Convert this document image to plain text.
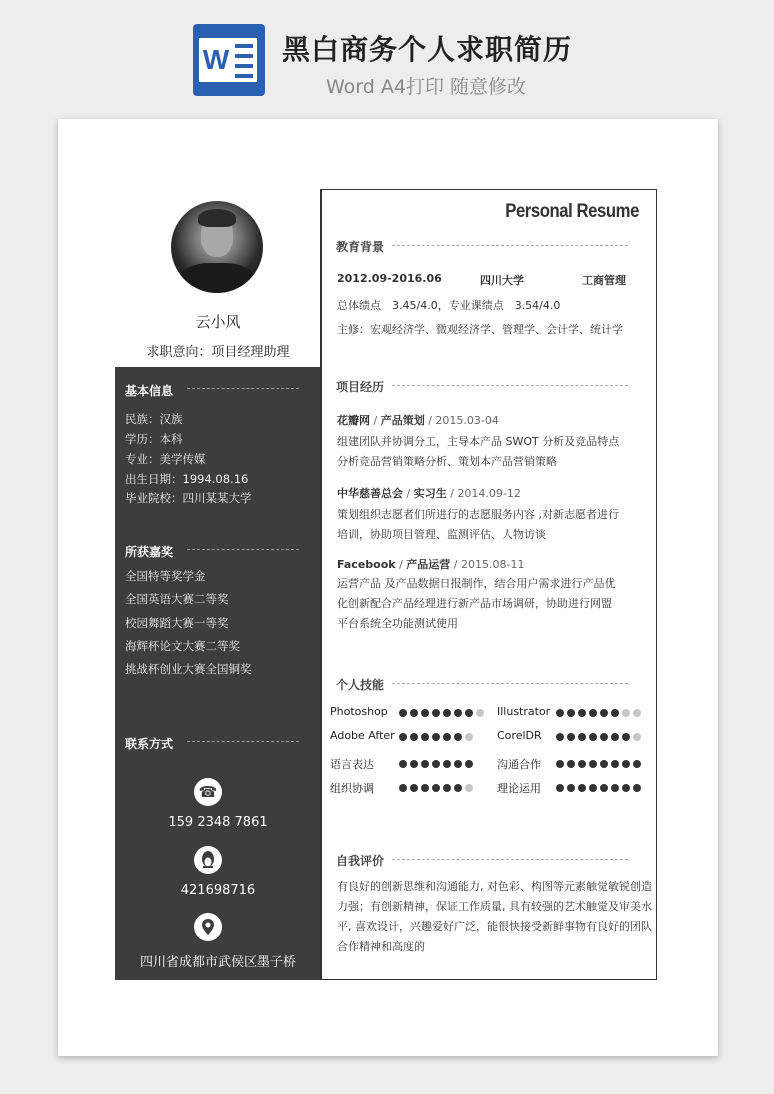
W 黑白商务个人求职简历
Word A4打印 随意修改
云小风
求职意向：项目经理助理
基本信息
民族：汉族
学历：本科
专业：美学传媒
出生日期：1994.08.16
毕业院校：四川某某大学
所获嘉奖
全国特等奖学金
全国英语大赛二等奖
校园舞蹈大赛一等奖
海辉杯论文大赛二等奖
挑战杯创业大赛全国铜奖
联系方式
☎
159 2348 7861
421698716
四川省成都市武侯区墨子桥
Personal Resume
教育背景
2012.09-2016.06	四川大学	工商管理
总体绩点　3.45/4.0，专业课绩点　3.54/4.0
主修：宏观经济学、微观经济学、管理学、会计学、统计学
项目经历
花瓣网 / 产品策划 / 2015.03-04
组建团队并协调分工，主导本产品 SWOT 分析及竞品特点
分析竞品营销策略分析、策划本产品营销策略
中华慈善总会 / 实习生 / 2014.09-12
策划组织志愿者们所进行的志愿服务内容 ,对新志愿者进行
培训，协助项目管理、监测评估、人物访谈
Facebook / 产品运营 / 2015.08-11
运营产品 及产品数据日报制作，结合用户需求进行产品优
化创新配合产品经理进行新产品市场调研，协助进行网盟
平台系统全功能测试使用
个人技能
Photoshop	Illustrator
Adobe After	CorelDR
语言表达	沟通合作
组织协调	理论运用
自我评价
有良好的创新思维和沟通能力, 对色彩、构图等元素触觉敏锐创造力强；有创新精神，保证工作质量, 具有较强的艺术触觉及审美水平, 喜欢设计，兴趣爱好广泛，能很快接受新鲜事物有良好的团队合作精神和高度的
